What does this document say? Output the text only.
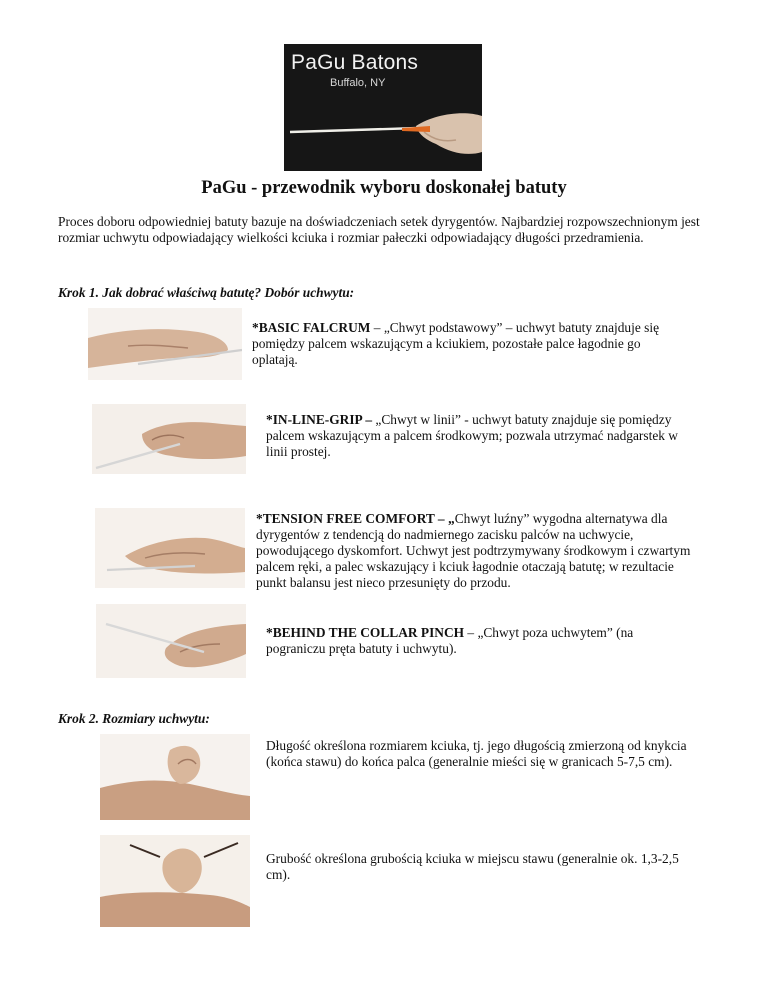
PaGu Batons
Buffalo, NY
PaGu - przewodnik wyboru doskonałej batuty
Proces doboru odpowiedniej batuty bazuje na doświadczeniach setek dyrygentów. Najbardziej rozpowszechnionym jest rozmiar uchwytu odpowiadający wielkości kciuka i rozmiar pałeczki odpowiadający długości przedramienia.
Krok 1. Jak dobrać właściwą batutę? Dobór uchwytu:
*BASIC FALCRUM – „Chwyt podstawowy” – uchwyt batuty znajduje się pomiędzy palcem wskazującym a kciukiem, pozostałe palce łagodnie go oplatają.
*IN-LINE-GRIP – „Chwyt w linii” - uchwyt batuty znajduje się pomiędzy palcem wskazującym a palcem środkowym; pozwala utrzymać nadgarstek w linii prostej.
*TENSION FREE COMFORT – „Chwyt luźny” wygodna alternatywa dla dyrygentów z tendencją do nadmiernego zacisku palców na uchwycie, powodującego dyskomfort. Uchwyt jest podtrzymywany środkowym i czwartym palcem ręki, a palec wskazujący i kciuk łagodnie otaczają batutę; w rezultacie punkt balansu jest nieco przesunięty do przodu.
*BEHIND THE COLLAR PINCH – „Chwyt poza uchwytem” (na pograniczu pręta batuty i uchwytu).
Krok 2. Rozmiary uchwytu:
Długość określona rozmiarem kciuka, tj. jego długością zmierzoną od knykcia (końca stawu) do końca palca (generalnie mieści się w granicach 5-7,5 cm).
Grubość określona grubością kciuka w miejscu stawu (generalnie ok. 1,3-2,5 cm).
